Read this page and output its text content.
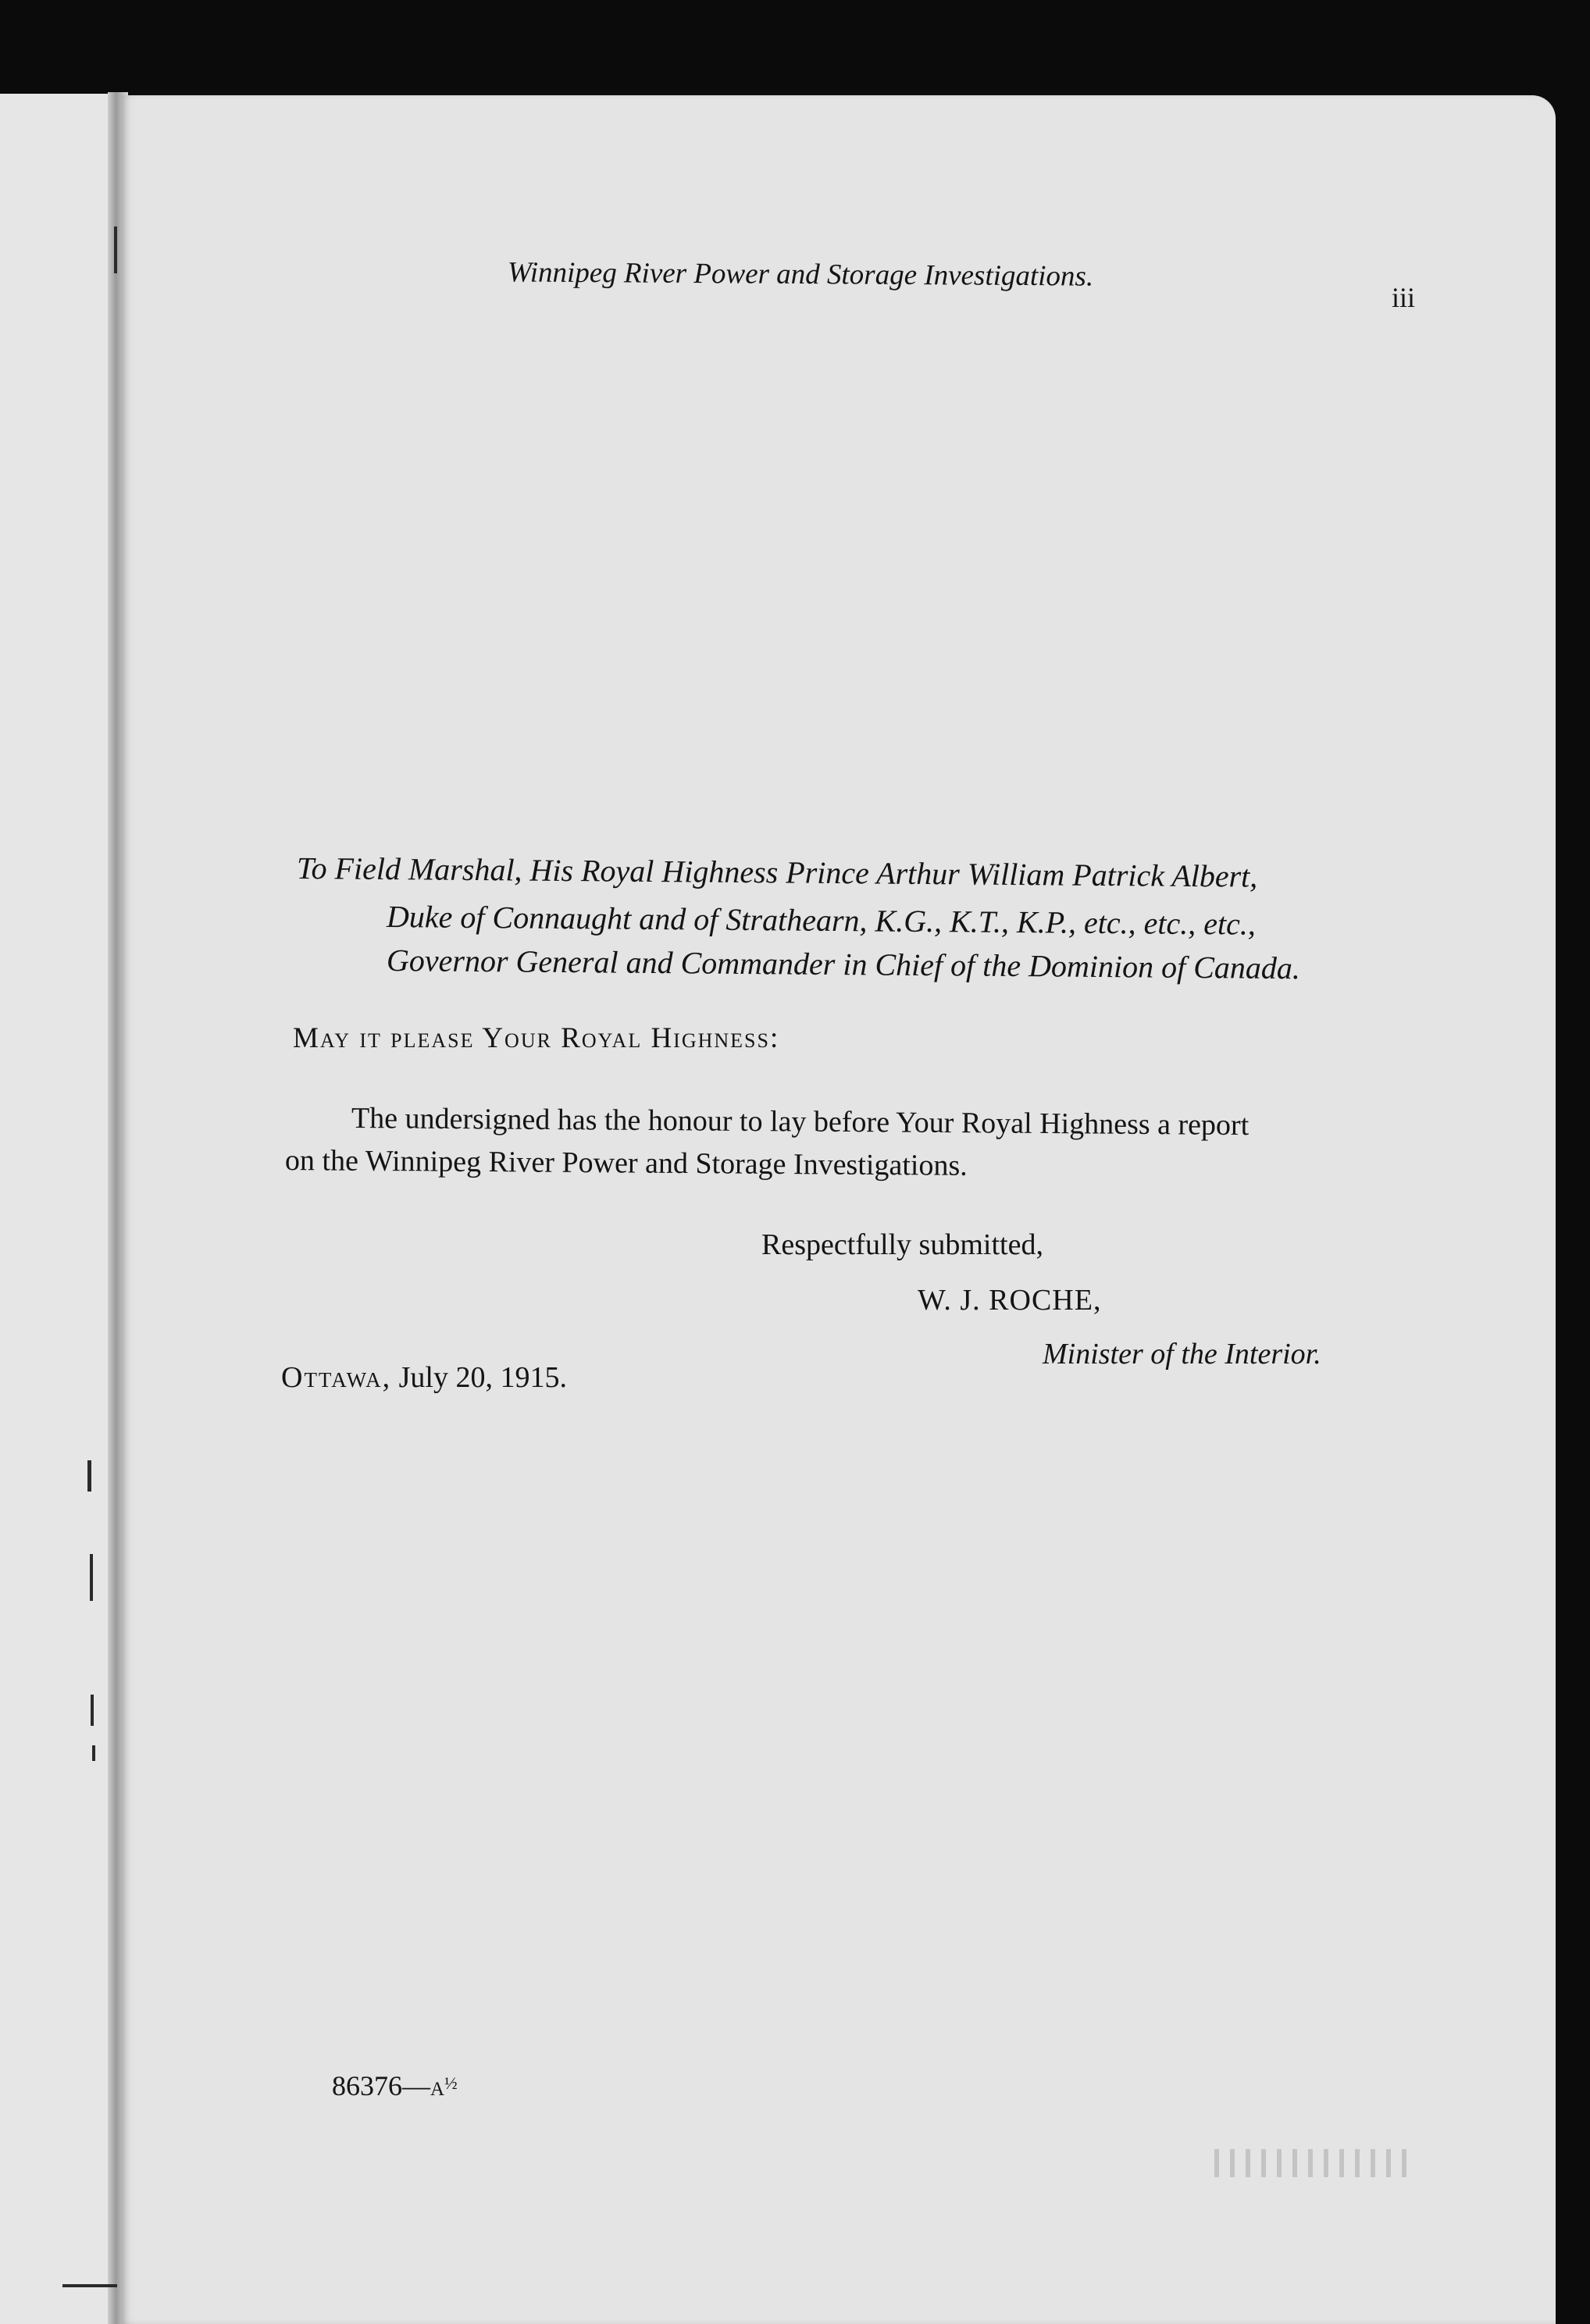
Winnipeg River Power and Storage Investigations.
iii
To Field Marshal, His Royal Highness Prince Arthur William Patrick Albert,
Duke of Connaught and of Strathearn, K.G., K.T., K.P., etc., etc., etc.,
Governor General and Commander in Chief of the Dominion of Canada.
May it please Your Royal Highness:
The undersigned has the honour to lay before Your Royal Highness a report
on the Winnipeg River Power and Storage Investigations.
Respectfully submitted,
W. J. ROCHE,
Minister of the Interior.
Ottawa, July 20, 1915.
$86376—a^{\frac{1}{2}}$
